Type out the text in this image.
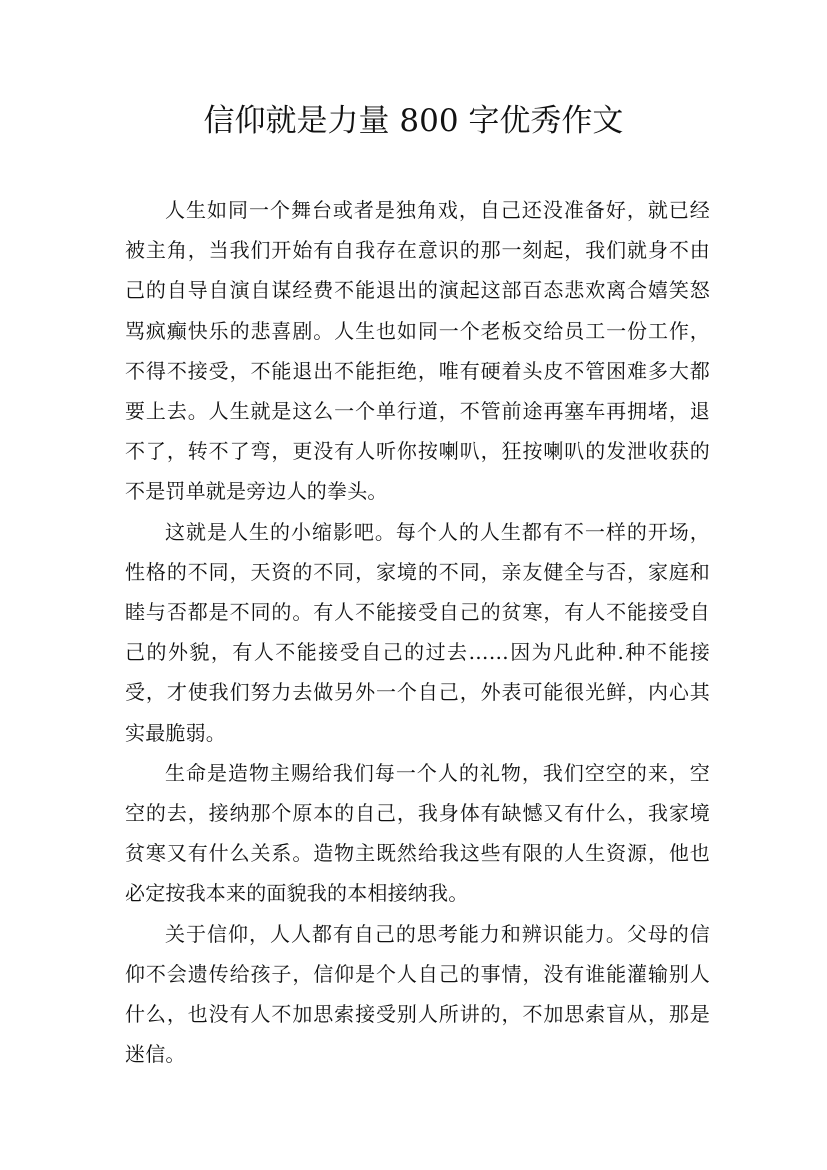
信仰就是力量 800 字优秀作文

人生如同一个舞台或者是独角戏，自己还没准备好，就已经被主角，当我们开始有自我存在意识的那一刻起，我们就身不由己的自导自演自谋经费不能退出的演起这部百态悲欢离合嬉笑怒骂疯癫快乐的悲喜剧。人生也如同一个老板交给员工一份工作，不得不接受，不能退出不能拒绝，唯有硬着头皮不管困难多大都要上去。人生就是这么一个单行道，不管前途再塞车再拥堵，退不了，转不了弯，更没有人听你按喇叭，狂按喇叭的发泄收获的不是罚单就是旁边人的拳头。

这就是人生的小缩影吧。每个人的人生都有不一样的开场，性格的不同，天资的不同，家境的不同，亲友健全与否，家庭和睦与否都是不同的。有人不能接受自己的贫寒，有人不能接受自己的外貌，有人不能接受自己的过去……因为凡此种.种不能接受，才使我们努力去做另外一个自己，外表可能很光鲜，内心其实最脆弱。

生命是造物主赐给我们每一个人的礼物，我们空空的来，空空的去，接纳那个原本的自己，我身体有缺憾又有什么，我家境贫寒又有什么关系。造物主既然给我这些有限的人生资源，他也必定按我本来的面貌我的本相接纳我。

关于信仰，人人都有自己的思考能力和辨识能力。父母的信仰不会遗传给孩子，信仰是个人自己的事情，没有谁能灌输别人什么，也没有人不加思索接受别人所讲的，不加思索盲从，那是迷信。
